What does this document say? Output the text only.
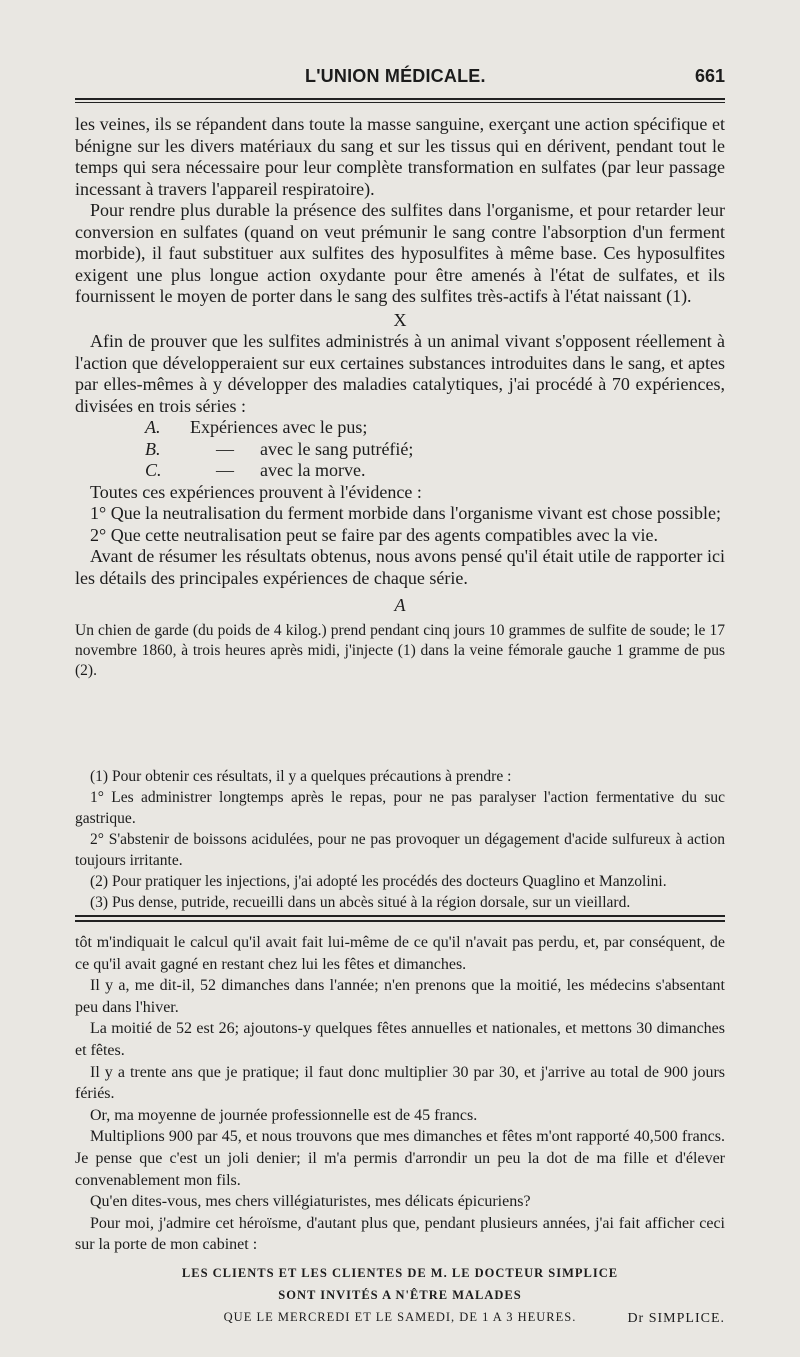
L'UNION MÉDICALE.	661

les veines, ils se répandent dans toute la masse sanguine, exerçant une action spécifique et bénigne sur les divers matériaux du sang et sur les tissus qui en dérivent, pendant tout le temps qui sera nécessaire pour leur complète transformation en sulfates (par leur passage incessant à travers l'appareil respiratoire).

Pour rendre plus durable la présence des sulfites dans l'organisme, et pour retarder leur conversion en sulfates (quand on veut prémunir le sang contre l'absorption d'un ferment morbide), il faut substituer aux sulfites des hyposulfites à même base. Ces hyposulfites exigent une plus longue action oxydante pour être amenés à l'état de sulfates, et ils fournissent le moyen de porter dans le sang des sulfites très-actifs à l'état naissant (1).

X

Afin de prouver que les sulfites administrés à un animal vivant s'opposent réellement à l'action que développeraient sur eux certaines substances introduites dans le sang, et aptes par elles-mêmes à y développer des maladies catalytiques, j'ai procédé à 70 expériences, divisées en trois séries :

A. Expériences avec le pus;
B.	— avec le sang putréfié;
C.	— avec la morve.

Toutes ces expériences prouvent à l'évidence :

1° Que la neutralisation du ferment morbide dans l'organisme vivant est chose possible;

2° Que cette neutralisation peut se faire par des agents compatibles avec la vie.

Avant de résumer les résultats obtenus, nous avons pensé qu'il était utile de rapporter ici les détails des principales expériences de chaque série.

A

Un chien de garde (du poids de 4 kilog.) prend pendant cinq jours 10 grammes de sulfite de soude; le 17 novembre 1860, à trois heures après midi, j'injecte (1) dans la veine fémorale gauche 1 gramme de pus (2).

(1) Pour obtenir ces résultats, il y a quelques précautions à prendre :

1° Les administrer longtemps après le repas, pour ne pas paralyser l'action fermentative du suc gastrique.

2° S'abstenir de boissons acidulées, pour ne pas provoquer un dégagement d'acide sulfureux à action toujours irritante.

(2) Pour pratiquer les injections, j'ai adopté les procédés des docteurs Quaglino et Manzolini.

(3) Pus dense, putride, recueilli dans un abcès situé à la région dorsale, sur un vieillard.

tôt m'indiquait le calcul qu'il avait fait lui-même de ce qu'il n'avait pas perdu, et, par conséquent, de ce qu'il avait gagné en restant chez lui les fêtes et dimanches.

Il y a, me dit-il, 52 dimanches dans l'année; n'en prenons que la moitié, les médecins s'absentant peu dans l'hiver.

La moitié de 52 est 26; ajoutons-y quelques fêtes annuelles et nationales, et mettons 30 dimanches et fêtes.

Il y a trente ans que je pratique; il faut donc multiplier 30 par 30, et j'arrive au total de 900 jours fériés.

Or, ma moyenne de journée professionnelle est de 45 francs.

Multiplions 900 par 45, et nous trouvons que mes dimanches et fêtes m'ont rapporté 40,500 francs. Je pense que c'est un joli denier; il m'a permis d'arrondir un peu la dot de ma fille et d'élever convenablement mon fils.

Qu'en dites-vous, mes chers villégiaturistes, mes délicats épicuriens?

Pour moi, j'admire cet héroïsme, d'autant plus que, pendant plusieurs années, j'ai fait afficher ceci sur la porte de mon cabinet :

LES CLIENTS ET LES CLIENTES DE M. LE DOCTEUR SIMPLICE
SONT INVITÉS A N'ÊTRE MALADES
QUE LE MERCREDI ET LE SAMEDI, DE 1 A 3 HEURES.	Dr SIMPLICE.
